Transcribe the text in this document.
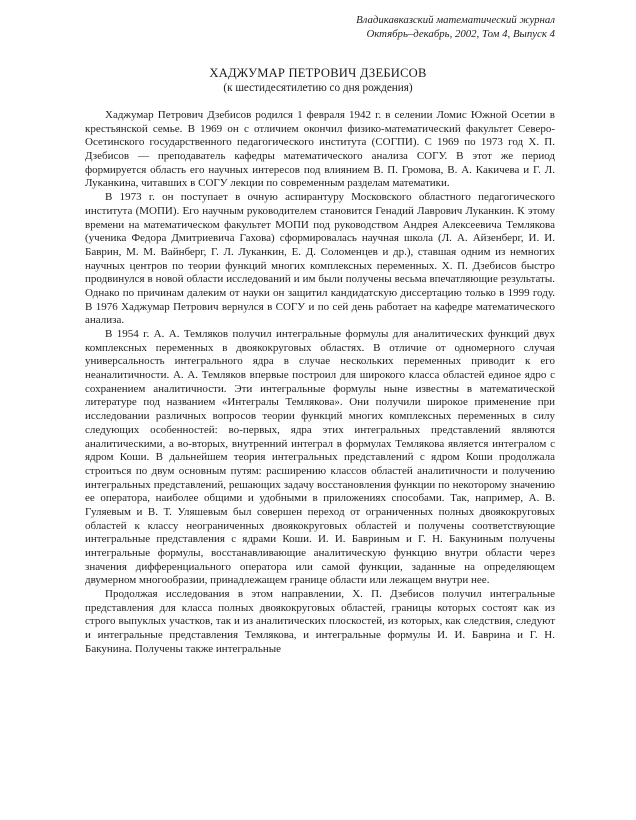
Владикавказский математический журнал
Октябрь–декабрь, 2002, Том 4, Выпуск 4
ХАДЖУМАР ПЕТРОВИЧ ДЗЕБИСОВ
(к шестидесятилетию со дня рождения)

Хаджумар Петрович Дзебисов родился 1 февраля 1942 г. в селении Ломис Южной Осетии в крестьянской семье. В 1969 он с отличием окончил физико-математический факультет Северо-Осетинского государственного педагогического института (СОГПИ). С 1969 по 1973 год Х. П. Дзебисов — преподаватель кафедры математического анализа СОГУ. В этот же период формируется область его научных интересов под влиянием В. П. Громова, В. А. Какичева и Г. Л. Луканкина, читавших в СОГУ лекции по современным разделам математики.

В 1973 г. он поступает в очную аспирантуру Московского областного педагогического института (МОПИ). Его научным руководителем становится Генадий Лаврович Луканкин. К этому времени на математическом факультет МОПИ под руководством Андрея Алексеевича Темлякова (ученика Федора Дмитриевича Гахова) сформировалась научная школа (Л. А. Айзенберг, И. И. Баврин, М. М. Вайнберг, Г. Л. Луканкин, Е. Д. Соломенцев и др.), ставшая одним из немногих научных центров по теории функций многих комплексных переменных. Х. П. Дзебисов быстро продвинулся в новой области исследований и им были получены весьма впечатляющие результаты. Однако по причинам далеким от науки он защитил кандидатскую диссертацию только в 1999 году. В 1976 Хаджумар Петрович вернулся в СОГУ и по сей день работает на кафедре математического анализа.

В 1954 г. А. А. Темляков получил интегральные формулы для аналитических функций двух комплексных переменных в двоякокруговых областях. В отличие от одномерного случая универсальность интегрального ядра в случае нескольких переменных приводит к его неаналитичности. А. А. Темляков впервые построил для широкого класса областей единое ядро с сохранением аналитичности. Эти интегральные формулы ныне известны в математической литературе под названием «Интегралы Темлякова». Они получили широкое применение при исследовании различных вопросов теории функций многих комплексных переменных в силу следующих особенностей: во-первых, ядра этих интегральных представлений являются аналитическими, а во-вторых, внутренний интеграл в формулах Темлякова является интегралом с ядром Коши. В дальнейшем теория интегральных представлений с ядром Коши продолжала строиться по двум основным путям: расширению классов областей аналитичности и получению интегральных представлений, решающих задачу восстановления функции по некоторому значению ее оператора, наиболее общими и удобными в приложениях способами. Так, например, А. В. Гуляевым и В. Т. Уляшевым был совершен переход от ограниченных полных двоякокруговых областей к классу неограниченных двоякокруговых областей и получены соответствующие интегральные представления с ядрами Коши. И. И. Бавриным и Г. Н. Бакуниным получены интегральные формулы, восстанавливающие аналитическую функцию внутри области через значения дифференциального оператора или самой функции, заданные на определяющем двумерном многообразии, принадлежащем границе области или лежащем внутри нее.

Продолжая исследования в этом направлении, Х. П. Дзебисов получил интегральные представления для класса полных двоякокруговых областей, границы которых состоят как из строго выпуклых участков, так и из аналитических плоскостей, из которых, как следствия, следуют и интегральные представления Темлякова, и интегральные формулы И. И. Баврина и Г. Н. Бакунина. Получены также интегральные
